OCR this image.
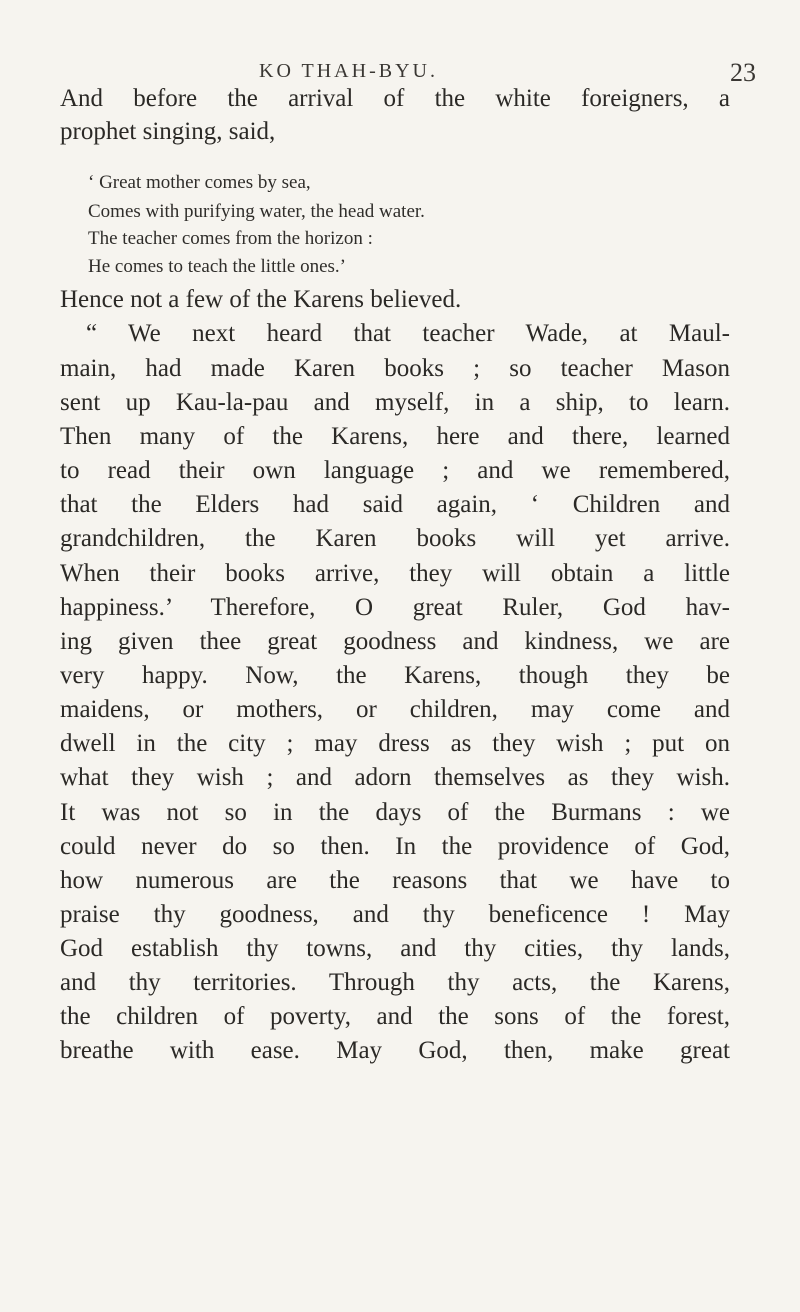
KO THAH-BYU.	23
And before the arrival of the white foreigners, a
prophet singing, said,
‘ Great mother comes by sea,
Comes with purifying water, the head water.
The teacher comes from the horizon :
He comes to teach the little ones.’
Hence not a few of the Karens believed.
“ We next heard that teacher Wade, at Maul-
main, had made Karen books ; so teacher Mason
sent up Kau-la-pau and myself, in a ship, to learn.
Then many of the Karens, here and there, learned
to read their own language ; and we remembered,
that the Elders had said again, ‘ Children and
grandchildren, the Karen books will yet arrive.
When their books arrive, they will obtain a little
happiness.’ Therefore, O great Ruler, God hav-
ing given thee great goodness and kindness, we are
very happy. Now, the Karens, though they be
maidens, or mothers, or children, may come and
dwell in the city ; may dress as they wish ; put on
what they wish ; and adorn themselves as they wish.
It was not so in the days of the Burmans : we
could never do so then. In the providence of God,
how numerous are the reasons that we have to
praise thy goodness, and thy beneficence ! May
God establish thy towns, and thy cities, thy lands,
and thy territories. Through thy acts, the Karens,
the children of poverty, and the sons of the forest,
breathe with ease. May God, then, make great
